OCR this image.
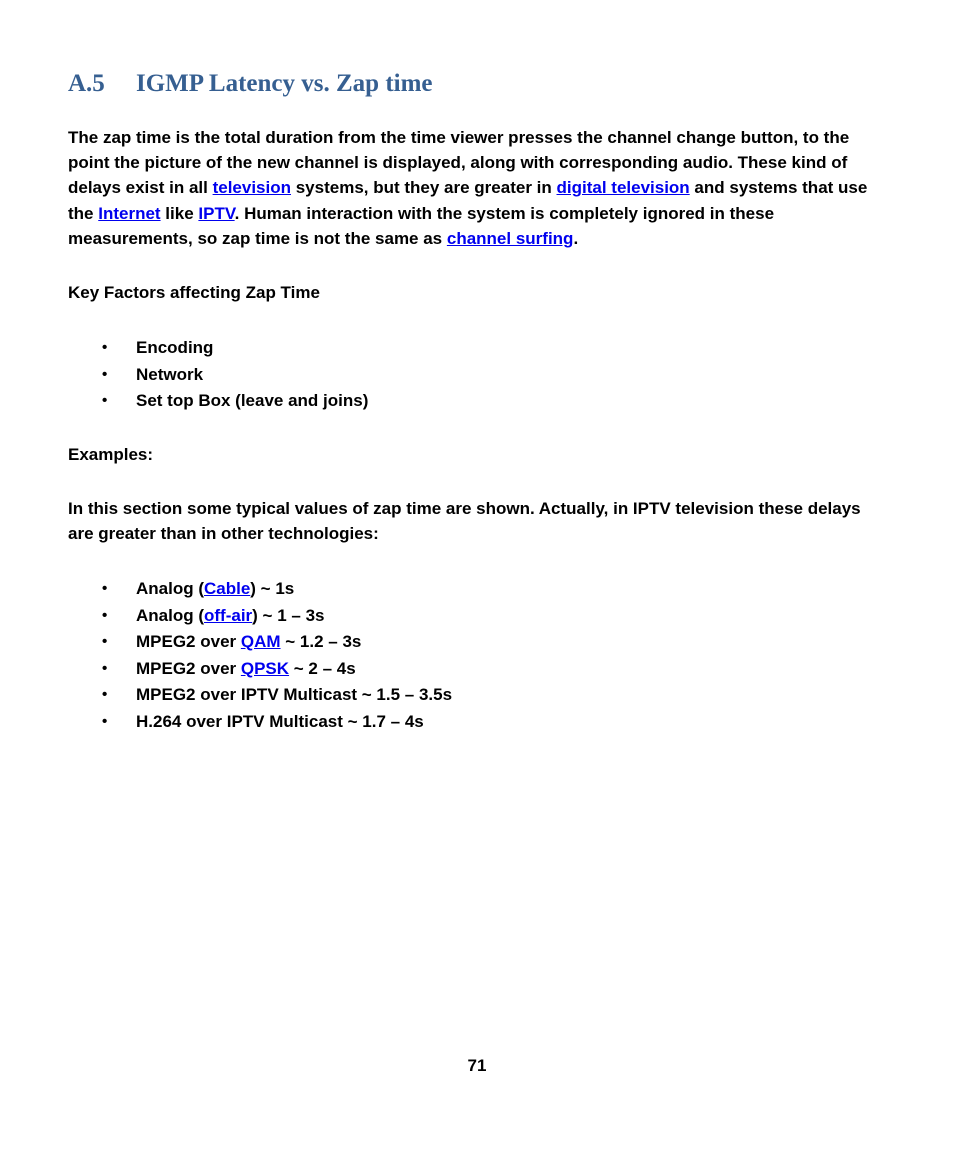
A.5 IGMP Latency vs. Zap time

The zap time is the total duration from the time viewer presses the channel change button, to the point the picture of the new channel is displayed, along with corresponding audio. These kind of delays exist in all television systems, but they are greater in digital television and systems that use the Internet like IPTV. Human interaction with the system is completely ignored in these measurements, so zap time is not the same as channel surfing.

Key Factors affecting Zap Time

• Encoding
• Network
• Set top Box (leave and joins)

Examples:

In this section some typical values of zap time are shown. Actually, in IPTV television these delays are greater than in other technologies:

• Analog (Cable) ~ 1s
• Analog (off-air) ~ 1 – 3s
• MPEG2 over QAM ~ 1.2 – 3s
• MPEG2 over QPSK ~ 2 – 4s
• MPEG2 over IPTV Multicast ~ 1.5 – 3.5s
• H.264 over IPTV Multicast ~ 1.7 – 4s
71
